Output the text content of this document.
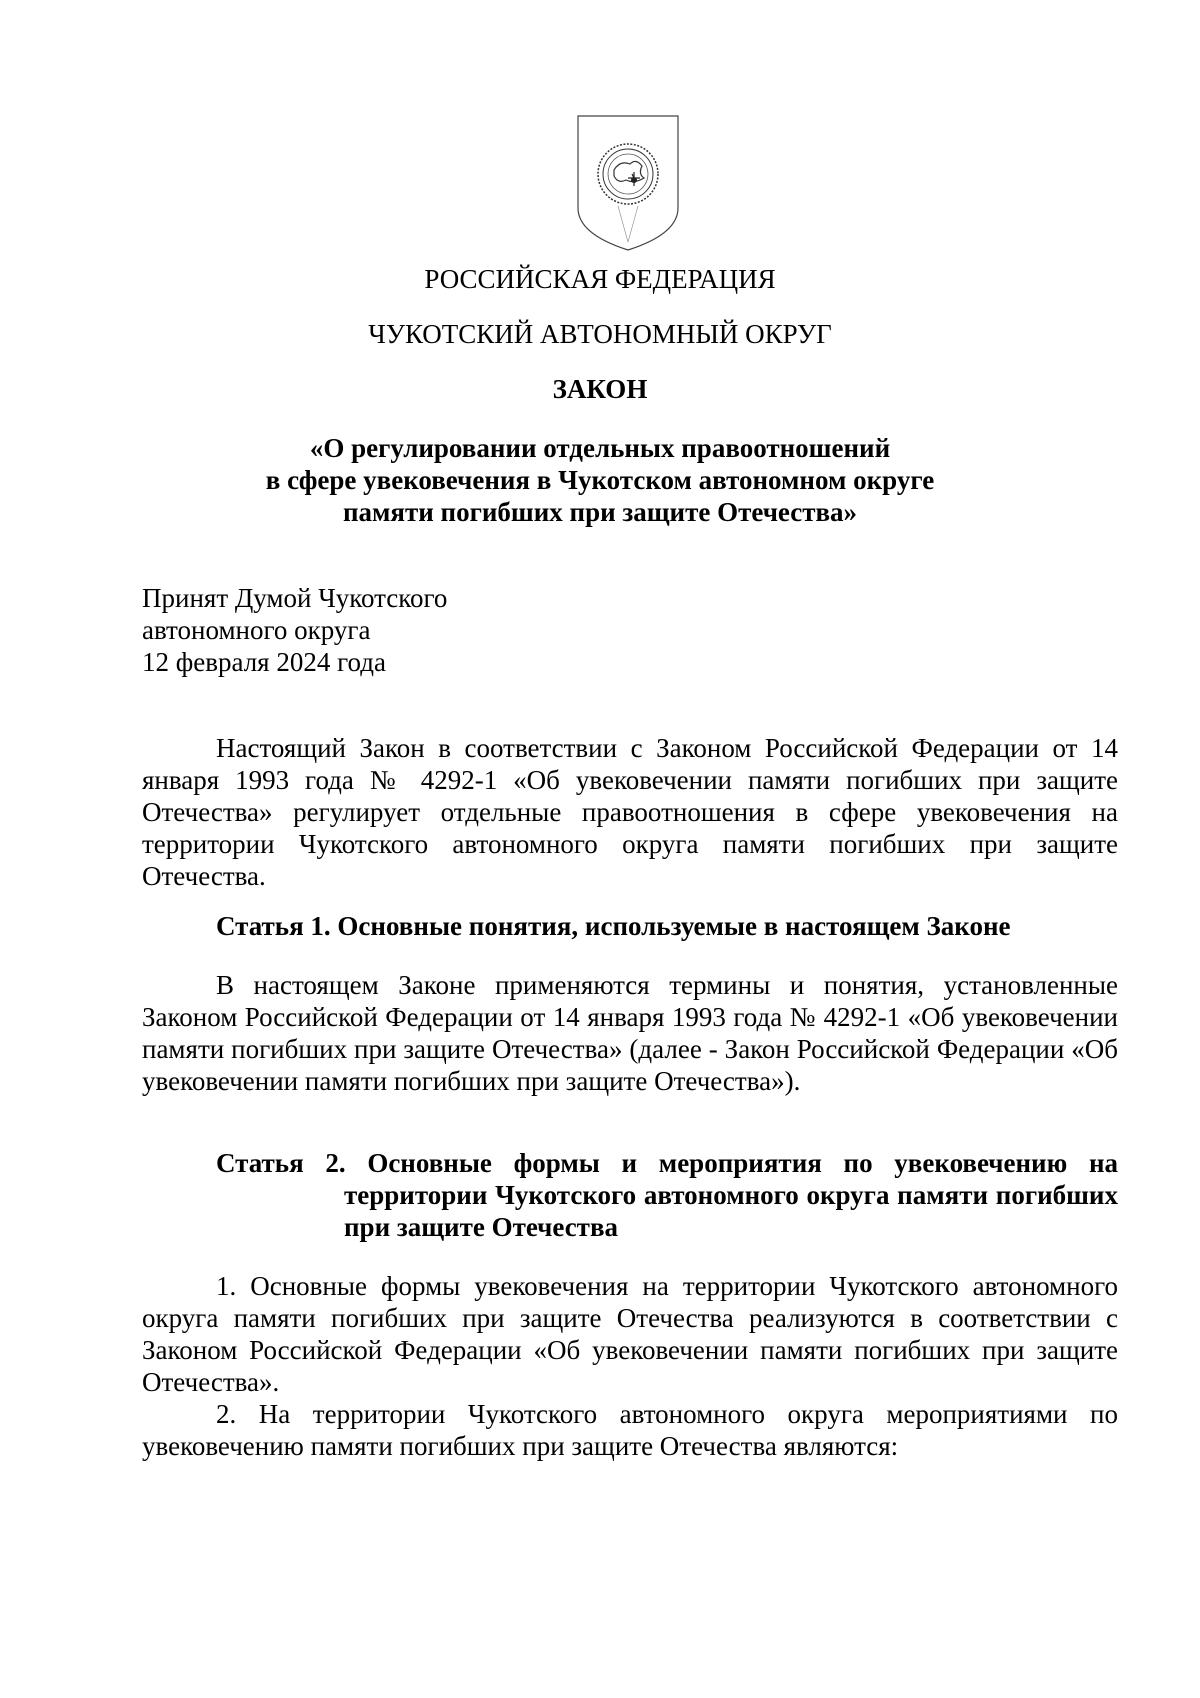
РОССИЙСКАЯ ФЕДЕРАЦИЯ
ЧУКОТСКИЙ АВТОНОМНЫЙ ОКРУГ
ЗАКОН
«О регулировании отдельных правоотношений
в сфере увековечения в Чукотском автономном округе
памяти погибших при защите Отечества»
Принят Думой Чукотского
автономного округа
12 февраля 2024 года
Настоящий Закон в соответствии с Законом Российской Федерации от 14 января 1993 года № 4292-1 «Об увековечении памяти погибших при защите Отечества» регулирует отдельные правоотношения в сфере увековечения на территории Чукотского автономного округа памяти погибших при защите Отечества.
Статья 1. Основные понятия, используемые в настоящем Законе
В настоящем Законе применяются термины и понятия, установленные Законом Российской Федерации от 14 января 1993 года № 4292-1 «Об увековечении памяти погибших при защите Отечества» (далее - Закон Российской Федерации «Об увековечении памяти погибших при защите Отечества»).
Статья 2. Основные формы и мероприятия по увековечению на территории Чукотского автономного округа памяти погибших при защите Отечества
1. Основные формы увековечения на территории Чукотского автономного округа памяти погибших при защите Отечества реализуются в соответствии с Законом Российской Федерации «Об увековечении памяти погибших при защите Отечества».
2. На территории Чукотского автономного округа мероприятиями по увековечению памяти погибших при защите Отечества являются:
